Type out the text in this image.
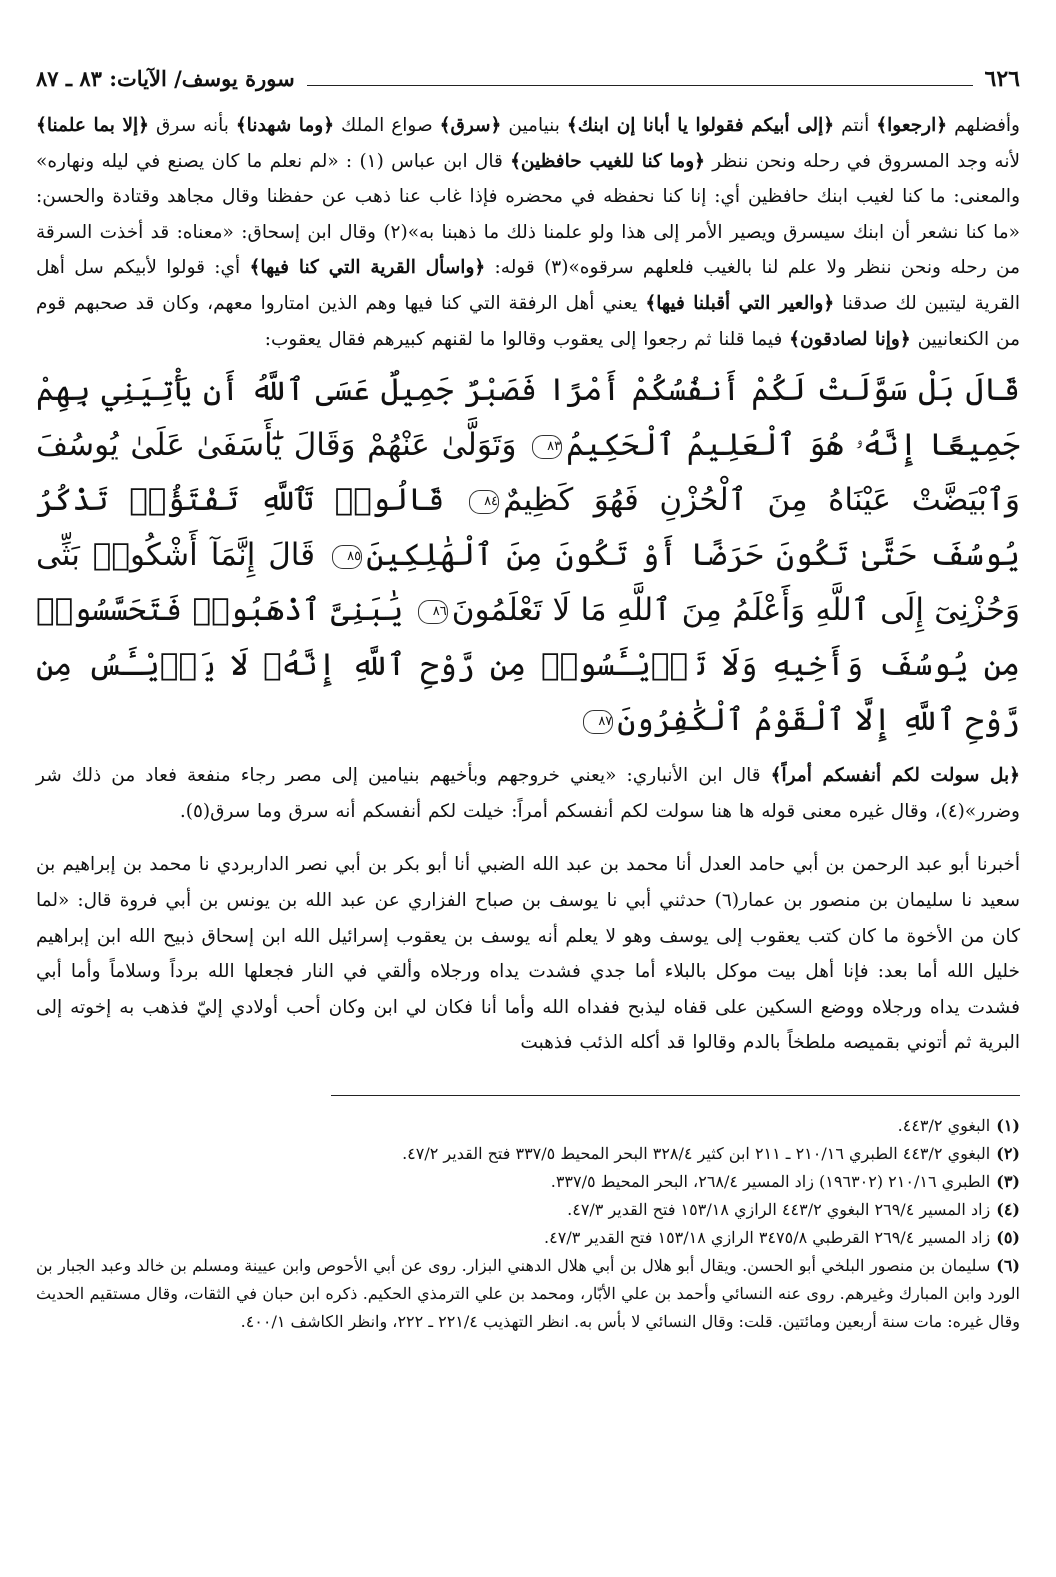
٦٢٦
سورة يوسف/ الآيات: ٨٣ ـ ٨٧

وأفضلهم ﴿ارجعوا﴾ أنتم ﴿إلى أبيكم فقولوا يا أبانا إن ابنك﴾ بنيامين ﴿سرق﴾ صواع الملك ﴿وما شهدنا﴾ بأنه سرق ﴿إلا بما علمنا﴾ لأنه وجد المسروق في رحله ونحن ننظر ﴿وما كنا للغيب حافظين﴾ قال ابن عباس (١) : «لم نعلم ما كان يصنع في ليله ونهاره» والمعنى: ما كنا لغيب ابنك حافظين أي: إنا كنا نحفظه في محضره فإذا غاب عنا ذهب عن حفظنا وقال مجاهد وقتادة والحسن: «ما كنا نشعر أن ابنك سيسرق ويصير الأمر إلى هذا ولو علمنا ذلك ما ذهبنا به»(٢) وقال ابن إسحاق: «معناه: قد أخذت السرقة من رحله ونحن ننظر ولا علم لنا بالغيب فلعلهم سرقوه»(٣) قوله: ﴿واسأل القرية التي كنا فيها﴾ أي: قولوا لأبيكم سل أهل القرية ليتبين لك صدقنا ﴿والعير التي أقبلنا فيها﴾ يعني أهل الرفقة التي كنا فيها وهم الذين امتاروا معهم، وكان قد صحبهم قوم من الكنعانيين ﴿وإنا لصادقون﴾ فيما قلنا ثم رجعوا إلى يعقوب وقالوا ما لقنهم كبيرهم فقال يعقوب:

قَالَ بَلْ سَوَّلَتْ لَكُمْ أَنفُسُكُمْ أَمْرًا فَصَبْرٌ جَمِيلٌ عَسَى ٱللَّهُ أَن يَأْتِيَنِي بِهِمْ جَمِيعًا إِنَّهُۥ هُوَ ٱلْعَلِيمُ ٱلْحَكِيمُ٨٣ وَتَوَلَّىٰ عَنْهُمْ وَقَالَ يَٰٓأَسَفَىٰ عَلَىٰ يُوسُفَ وَٱبْيَضَّتْ عَيْنَاهُ مِنَ ٱلْحُزْنِ فَهُوَ كَظِيمٌ٨٤ قَالُوا۟ تَٱللَّهِ تَفْتَؤُا۟ تَذْكُرُ يُوسُفَ حَتَّىٰ تَكُونَ حَرَضًا أَوْ تَكُونَ مِنَ ٱلْهَٰلِكِينَ٨٥ قَالَ إِنَّمَآ أَشْكُوا۟ بَثِّى وَحُزْنِىٓ إِلَى ٱللَّهِ وَأَعْلَمُ مِنَ ٱللَّهِ مَا لَا تَعْلَمُونَ٨٦ يَٰبَنِىَّ ٱذْهَبُوا۟ فَتَحَسَّسُوا۟ مِن يُوسُفَ وَأَخِيهِ وَلَا تَا۟يْـَٔسُوا۟ مِن رَّوْحِ ٱللَّهِ إِنَّهُۥ لَا يَا۟يْـَٔسُ مِن رَّوْحِ ٱللَّهِ إِلَّا ٱلْقَوْمُ ٱلْكَٰفِرُونَ٨٧

﴿بل سولت لكم أنفسكم أمراً﴾ قال ابن الأنباري: «يعني خروجهم وبأخيهم بنيامين إلى مصر رجاء منفعة فعاد من ذلك شر وضرر»(٤)، وقال غيره معنى قوله ها هنا سولت لكم أنفسكم أمراً: خيلت لكم أنفسكم أنه سرق وما سرق(٥).

أخبرنا أبو عبد الرحمن بن أبي حامد العدل أنا محمد بن عبد الله الضبي أنا أبو بكر بن أبي نصر الداربردي نا محمد بن إبراهيم بن سعيد نا سليمان بن منصور بن عمار(٦) حدثني أبي نا يوسف بن صباح الفزاري عن عبد الله بن يونس بن أبي فروة قال: «لما كان من الأخوة ما كان كتب يعقوب إلى يوسف وهو لا يعلم أنه يوسف بن يعقوب إسرائيل الله ابن إسحاق ذبيح الله ابن إبراهيم خليل الله أما بعد: فإنا أهل بيت موكل بالبلاء أما جدي فشدت يداه ورجلاه وألقي في النار فجعلها الله برداً وسلاماً وأما أبي فشدت يداه ورجلاه ووضع السكين على قفاه ليذبح ففداه الله وأما أنا فكان لي ابن وكان أحب أولادي إليّ فذهب به إخوته إلى البرية ثم أتوني بقميصه ملطخاً بالدم وقالوا قد أكله الذئب فذهبت

(١)البغوي ٤٤٣/٢.

(٢)البغوي ٤٤٣/٢ الطبري ٢١٠/١٦ ـ ٢١١ ابن كثير ٣٢٨/٤ البحر المحيط ٣٣٧/٥ فتح القدير ٤٧/٢.

(٣)الطبري ٢١٠/١٦ (١٩٦٣٠٢) زاد المسير ٢٦٨/٤، البحر المحيط ٣٣٧/٥.

(٤)زاد المسير ٢٦٩/٤ البغوي ٤٤٣/٢ الرازي ١٥٣/١٨ فتح القدير ٤٧/٣.

(٥)زاد المسير ٢٦٩/٤ القرطبي ٣٤٧٥/٨ الرازي ١٥٣/١٨ فتح القدير ٤٧/٣.

(٦)سليمان بن منصور البلخي أبو الحسن. ويقال أبو هلال بن أبي هلال الدهني البزار. روى عن أبي الأحوص وابن عيينة ومسلم بن خالد وعبد الجبار بن الورد وابن المبارك وغيرهم. روى عنه النسائي وأحمد بن علي الأبّار، ومحمد بن علي الترمذي الحكيم. ذكره ابن حبان في الثقات، وقال مستقيم الحديث وقال غيره: مات سنة أربعين ومائتين. قلت: وقال النسائي لا بأس به. انظر التهذيب ٢٢١/٤ ـ ٢٢٢، وانظر الكاشف ٤٠٠/١.
